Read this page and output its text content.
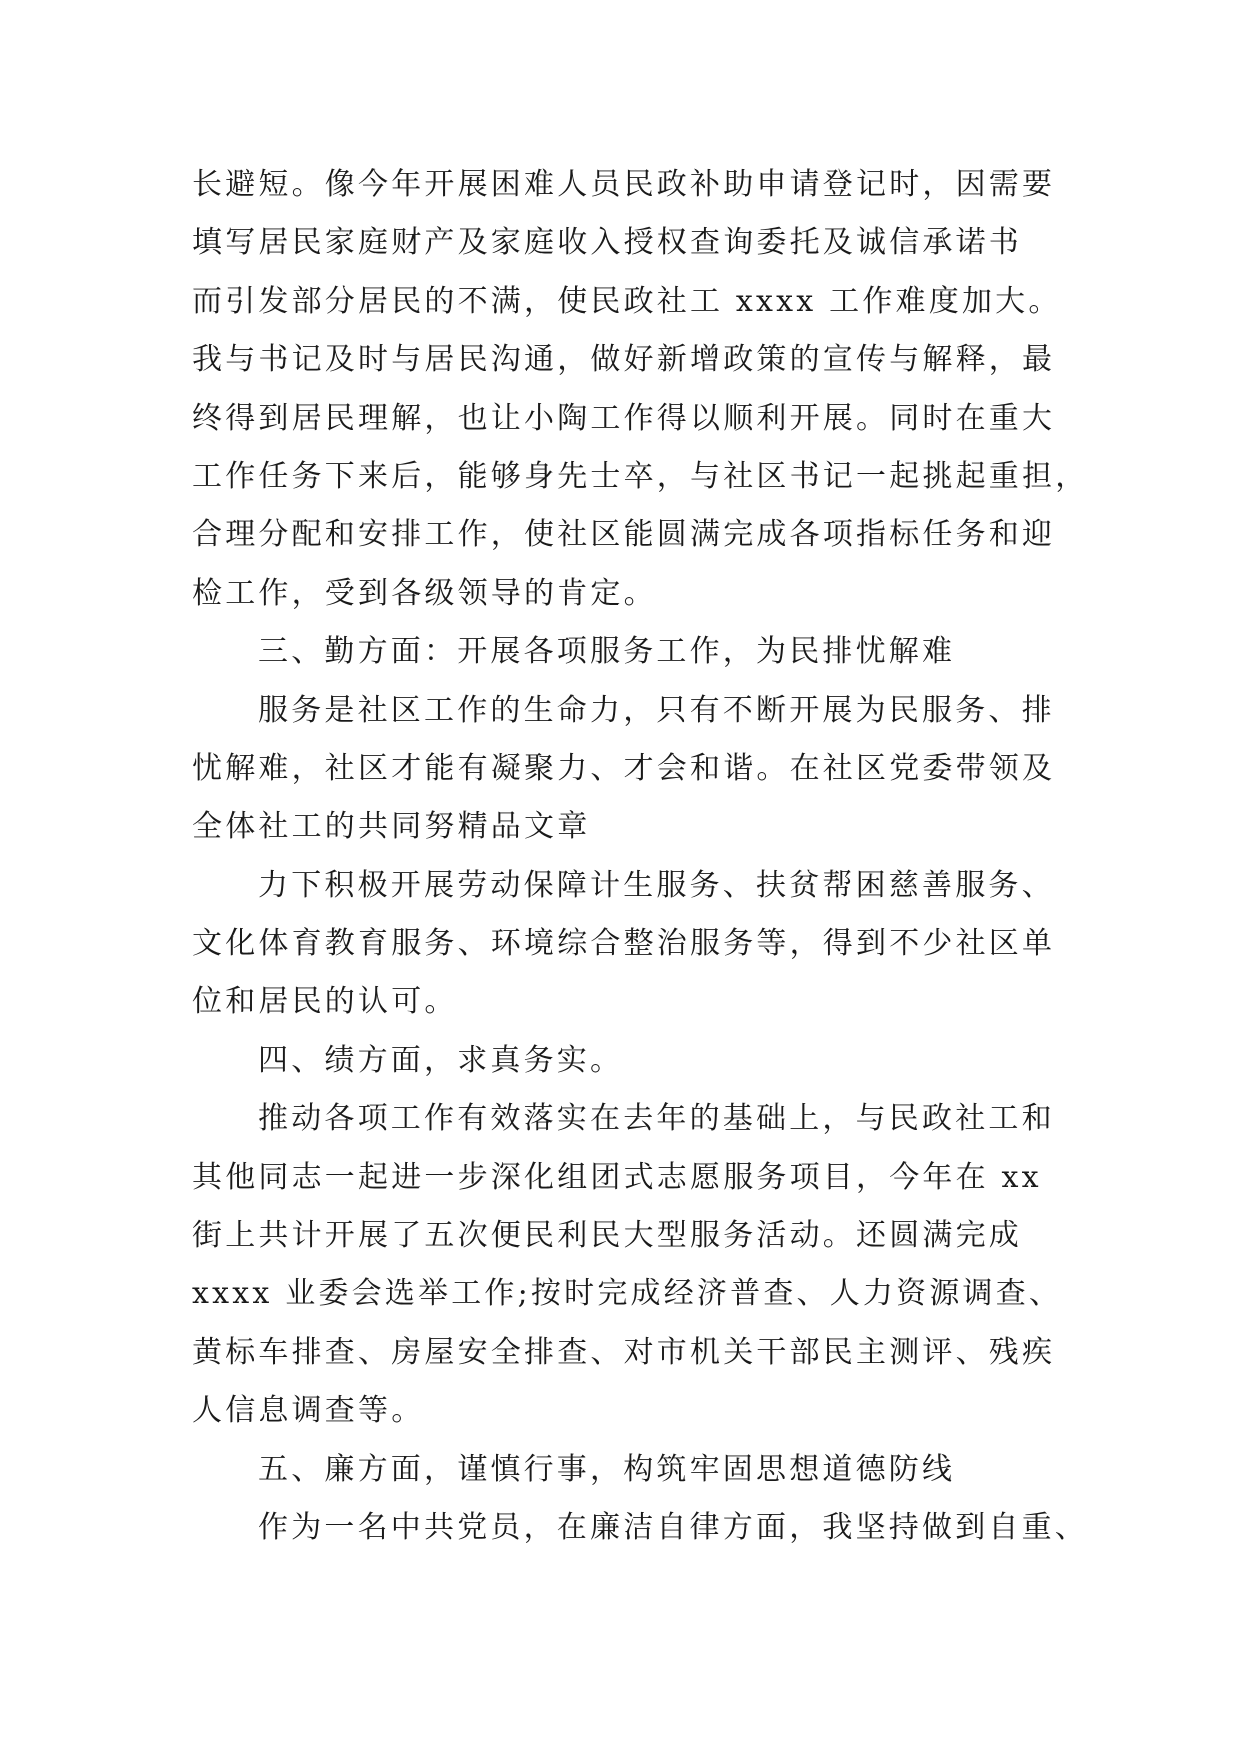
长避短。像今年开展困难人员民政补助申请登记时，因需要
填写居民家庭财产及家庭收入授权查询委托及诚信承诺书
而引发部分居民的不满，使民政社工 xxxx 工作难度加大。
我与书记及时与居民沟通，做好新增政策的宣传与解释，最
终得到居民理解，也让小陶工作得以顺利开展。同时在重大
工作任务下来后，能够身先士卒，与社区书记一起挑起重担，
合理分配和安排工作，使社区能圆满完成各项指标任务和迎
检工作，受到各级领导的肯定。
三、勤方面：开展各项服务工作，为民排忧解难
服务是社区工作的生命力，只有不断开展为民服务、排
忧解难，社区才能有凝聚力、才会和谐。在社区党委带领及
全体社工的共同努精品文章
力下积极开展劳动保障计生服务、扶贫帮困慈善服务、
文化体育教育服务、环境综合整治服务等，得到不少社区单
位和居民的认可。
四、绩方面，求真务实。
推动各项工作有效落实在去年的基础上，与民政社工和
其他同志一起进一步深化组团式志愿服务项目，今年在 xx
街上共计开展了五次便民利民大型服务活动。还圆满完成
xxxx 业委会选举工作;按时完成经济普查、人力资源调查、
黄标车排查、房屋安全排查、对市机关干部民主测评、残疾
人信息调查等。
五、廉方面，谨慎行事，构筑牢固思想道德防线
作为一名中共党员，在廉洁自律方面，我坚持做到自重、
